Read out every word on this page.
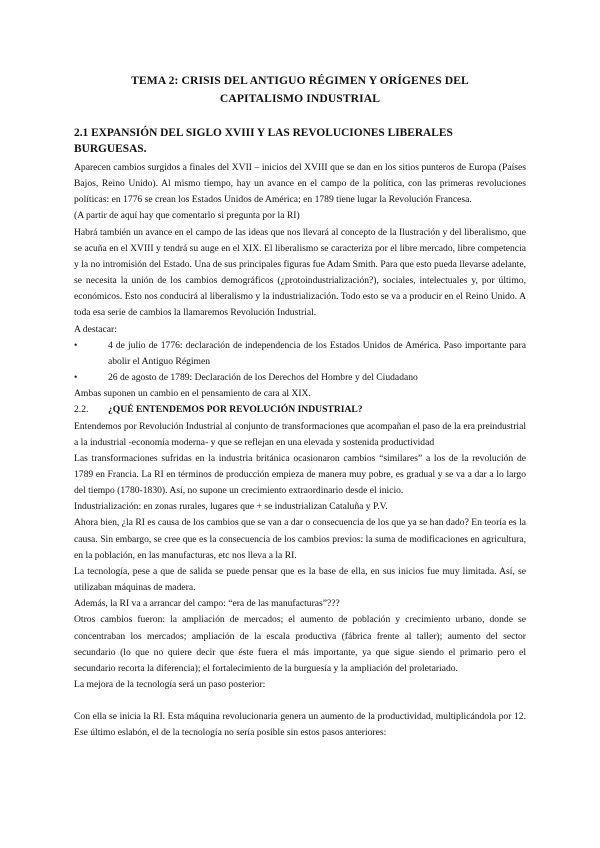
TEMA 2: CRISIS DEL ANTIGUO RÉGIMEN Y ORÍGENES DEL
CAPITALISMO INDUSTRIAL
2.1 EXPANSIÓN DEL SIGLO XVIII Y LAS REVOLUCIONES LIBERALES BURGUESAS.

Aparecen cambios surgidos a finales del XVII – inicios del XVIII que se dan en los sitios punteros de Europa (Países Bajos, Reino Unido). Al mismo tiempo, hay un avance en el campo de la política, con las primeras revoluciones políticas: en 1776 se crean los Estados Unidos de América; en 1789 tiene lugar la Revolución Francesa.

(A partir de aquí hay que comentarlo si pregunta por la RI)

Habrá también un avance en el campo de las ideas que nos llevará al concepto de la Ilustración y del liberalismo, que se acuña en el XVIII y tendrá su auge en el XIX. El liberalismo se caracteriza por el libre mercado, libre competencia y la no intromisión del Estado. Una de sus principales figuras fue Adam Smith. Para que esto pueda llevarse adelante, se necesita la unión de los cambios demográficos (¿protoindustrialización?), sociales, intelectuales y, por último, económicos. Esto nos conducirá al liberalismo y la industrialización. Todo esto se va a producir en el Reino Unido. A toda esa serie de cambios la llamaremos Revolución Industrial.

A destacar:

•	4 de julio de 1776: declaración de independencia de los Estados Unidos de América. Paso importante para abolir el Antiguo Régimen
•	26 de agosto de 1789: Declaración de los Derechos del Hombre y del Ciudadano

Ambas suponen un cambio en el pensamiento de cara al XIX.

2.2.	¿QUÉ ENTENDEMOS POR REVOLUCIÓN INDUSTRIAL?

Entendemos por Revolución Industrial al conjunto de transformaciones que acompañan el paso de la era preindustrial a la industrial -economía moderna- y que se reflejan en una elevada y sostenida productividad

Las transformaciones sufridas en la industria británica ocasionaron cambios “similares” a los de la revolución de 1789 en Francia. La RI en términos de producción empieza de manera muy pobre, es gradual y se va a dar a lo largo del tiempo (1780-1830). Así, no supone un crecimiento extraordinario desde el inicio.

Industrialización: en zonas rurales, lugares que + se industrializan Cataluña y P.V.

Ahora bien, ¿la RI es causa de los cambios que se van a dar o consecuencia de los que ya se han dado? En teoría es la causa. Sin embargo, se cree que es la consecuencia de los cambios previos: la suma de modificaciones en agricultura, en la población, en las manufacturas, etc nos lleva a la RI.

La tecnología, pese a que de salida se puede pensar que es la base de ella, en sus inicios fue muy limitada. Así, se utilizaban máquinas de madera.

Además, la RI va a arrancar del campo: “era de las manufacturas”???

Otros cambios fueron: la ampliación de mercados; el aumento de población y crecimiento urbano, donde se concentraban los mercados; ampliación de la escala productiva (fábrica frente al taller); aumento del sector secundario (lo que no quiere decir que éste fuera el más importante, ya que sigue siendo el primario pero el secundario recorta la diferencia); el fortalecimiento de la burguesía y la ampliación del proletariado.

La mejora de la tecnología será un paso posterior:

Con ella se inicia la RI. Esta máquina revolucionaria genera un aumento de la productividad, multiplicándola por 12. Ese último eslabón, el de la tecnología no sería posible sin estos pasos anteriores:
